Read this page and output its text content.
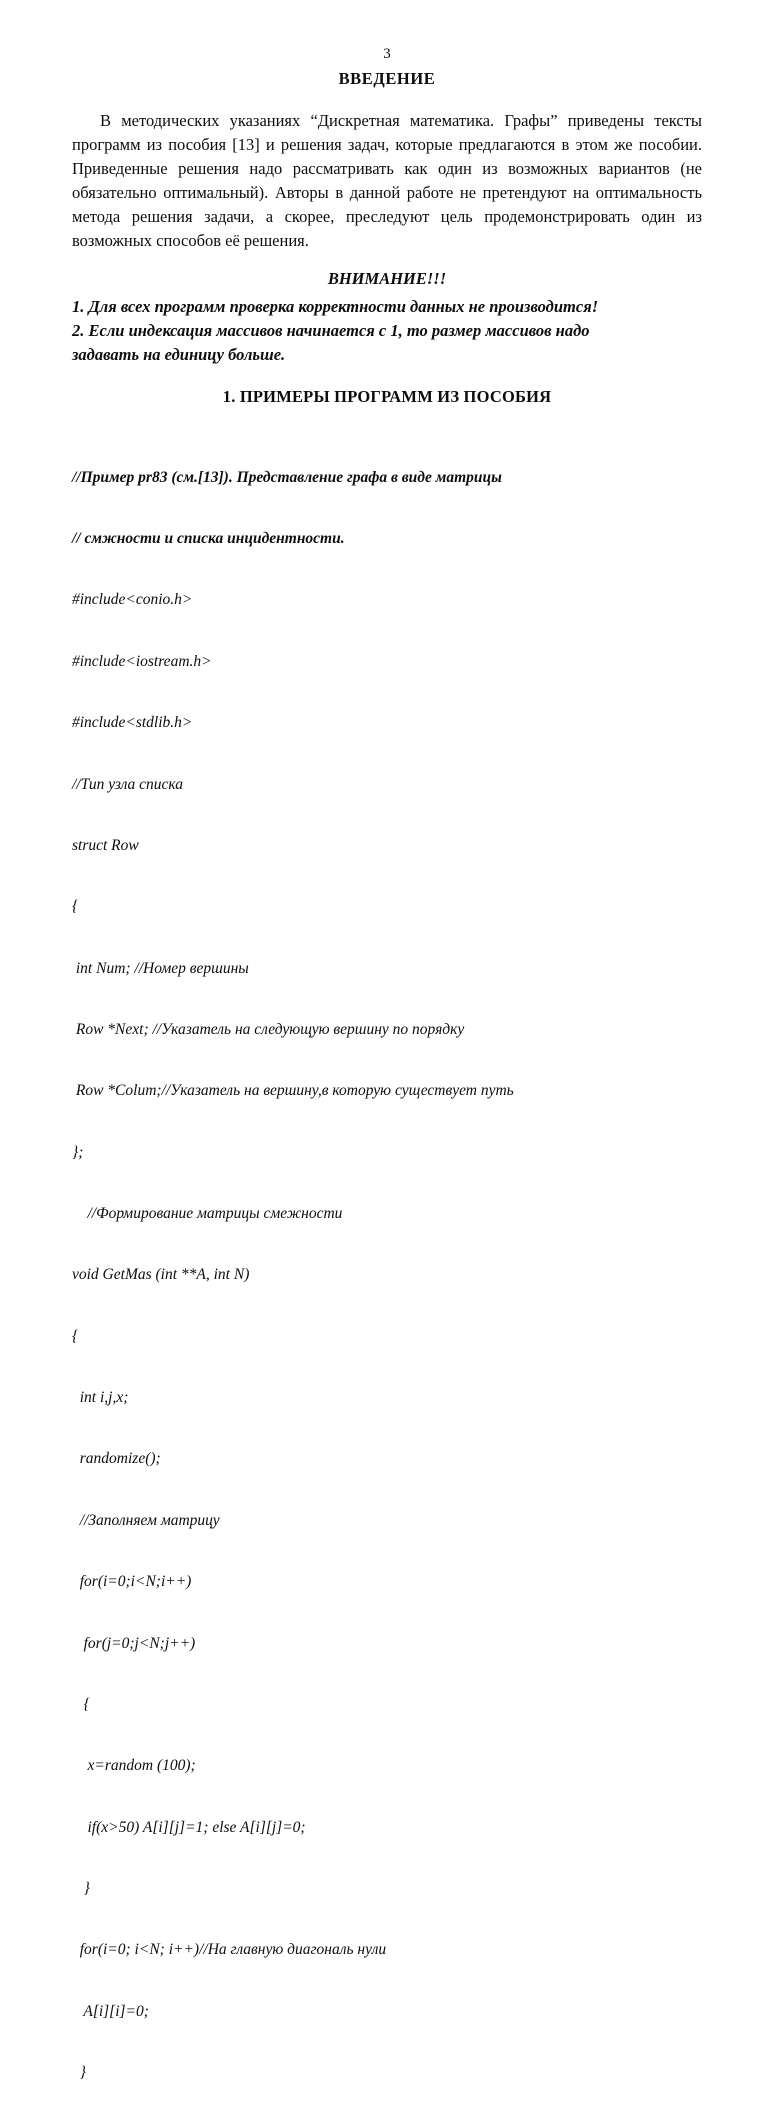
3
ВВЕДЕНИЕ

В методических указаниях “Дискретная математика. Графы” приведены тексты программ из пособия [13] и решения задач, которые предлагаются в этом же пособии. Приведенные решения надо рассматривать как один из возможных вариантов (не обязательно оптимальный). Авторы в данной работе не претендуют на оптимальность метода решения задачи, а скорее, преследуют цель продемонстрировать один из возможных способов её решения.

ВНИМАНИЕ!!!
1. Для всех программ проверка корректности данных не производится!
2. Если индексация массивов начинается с 1, то размер массивов надо
задавать на единицу больше.
1. ПРИМЕРЫ ПРОГРАММ ИЗ ПОСОБИЯ

//Пример pr83 (см.[13]). Представление графа в виде матрицы

// смжности и списка инцидентности.

#include<conio.h>

#include<iostream.h>

#include<stdlib.h>

//Тип узла списка

struct Row

{

int Num; //Номер вершины

Row *Next; //Указатель на следующую вершину по порядку

Row *Colum;//Указатель на вершину,в которую существует путь

};

//Формирование матрицы смежности

void GetMas (int **A, int N)

{

int i,j,x;

randomize();

//Заполняем матрицу

for(i=0;i<N;i++)

for(j=0;j<N;j++)

{

x=random (100);

if(x>50) A[i][j]=1; else A[i][j]=0;

}

for(i=0; i<N; i++)//На главную диагональ нули

A[i][i]=0;

}
